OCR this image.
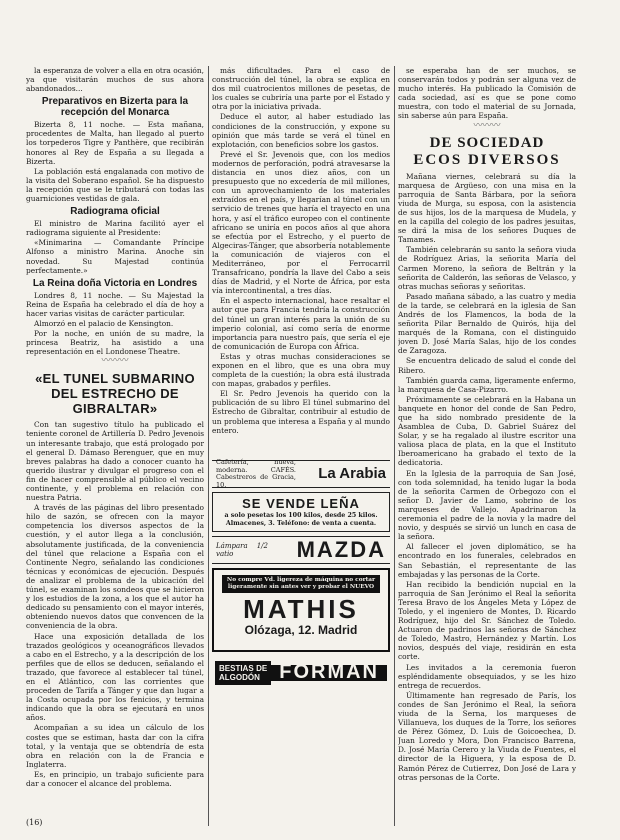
la esperanza de volver a ella en otra ocasión, ya que visitarán muchos de sus ahora abandonados...

Preparativos en Bizerta para la recepción del Monarca

Bizerta 8, 11 noche. — Esta mañana, procedentes de Malta, han llegado al puerto los torpederos Tigre y Panthère, que recibirán honores al Rey de España a su llegada a Bizerta.

La población está engalanada con motivo de la visita del Soberano español. Se ha dispuesto la recepción que se le tributará con todas las guarniciones vestidas de gala.

Radiograma oficial

El ministro de Marina facilitó ayer el radiograma siguiente al Presidente:

«Minimarina — Comandante Príncipe Alfonso a ministro Marina. Anoche sin novedad. Su Majestad continúa perfectamente.»

La Reina doña Victoria en Londres

Londres 8, 11 noche. — Su Majestad la Reina de España ha celebrado el día de hoy a hacer varias visitas de carácter particular.

Almorzó en el palacio de Kensington.

Por la noche, en unión de su madre, la princesa Beatriz, ha asistido a una representación en el Londonese Theatre.

〰〰〰
«EL TUNEL SUBMARINO DEL ESTRECHO DE GIBRALTAR»

Con tan sugestivo título ha publicado el teniente coronel de Artillería D. Pedro Jevenois un interesante trabajo, que está prologado por el general D. Dámaso Berenguer, que en muy breves palabras ha dado a conocer cuanto ha querido ilustrar y divulgar el progreso con el fin de hacer comprensible al público el vecino continente, y el problema en relación con nuestra Patria.

A través de las páginas del libro presentado hilo de sazón, se ofrecen con la mayor competencia los diversos aspectos de la cuestión, y el autor llega a la conclusión, absolutamente justificada, de la conveniencia del túnel que relacione a España con el Continente Negro, señalando las condiciones técnicas y económicas de ejecución. Después de analizar el problema de la ubicación del túnel, se examinan los sondeos que se hicieron y los estudios de la zona, a los que el autor ha dedicado su pensamiento con el mayor interés, obteniendo nuevos datos que convencen de la conveniencia de la obra.

Hace una exposición detallada de los trazados geológicos y oceanográficos llevados a cabo en el Estrecho, y a la descripción de los perfiles que de ellos se deducen, señalando el trazado, que favorece al establecer tal túnel, en el Atlántico, con las corrientes que proceden de Tarifa a Tánger y que dan lugar a la Costa ocupada por los fenicios, y termina indicando que la obra se ejecutará en unos años.

Acompañan a su idea un cálculo de los costes que se estiman, hasta dar con la cifra total, y la ventaja que se obtendría de esta obra en relación con la de Francia e Inglaterra.

Es, en principio, un trabajo suficiente para dar a conocer el alcance del problema.

más dificultades. Para el caso de construcción del túnel, la obra se explica en dos mil cuatrocientos millones de pesetas, de los cuales se cubriría una parte por el Estado y otra por la iniciativa privada.

Deduce el autor, al haber estudiado las condiciones de la construcción, y expone su opinión que más tarde se verá el túnel en explotación, con beneficios sobre los gastos.

Prevé el Sr. Jevenois que, con los medios modernos de perforación, podrá atravesarse la distancia en unos diez años, con un presupuesto que no excedería de mil millones, con un aprovechamiento de los materiales extraídos en el país, y llegarían al túnel con un servicio de trenes que haría el trayecto en una hora, y así el tráfico europeo con el continente africano se uniría en pocos años al que ahora se efectúa por el Estrecho, y el puerto de Algeciras-Tánger, que absorbería notablemente la comunicación de viajeros con el Mediterráneo, por el Ferrocarril Transafricano, pondría la llave del Cabo a seis días de Madrid, y el Norte de África, por esta vía intercontinental, a tres días.

En el aspecto internacional, hace resaltar el autor que para Francia tendría la construcción del túnel un gran interés para la unión de su imperio colonial, así como sería de enorme importancia para nuestro país, que sería el eje de comunicación de Europa con África.

Estas y otras muchas consideraciones se exponen en el libro, que es una obra muy completa de la cuestión; la obra está ilustrada con mapas, grabados y perfiles.

El Sr. Pedro Jevenois ha querido con la publicación de su libro El túnel submarino del Estrecho de Gibraltar, contribuir al estudio de un problema que interesa a España y al mundo entero.

Cafetería, nueva, moderna. CAFÉS. Cabestreros de Gracia, 10.
La Arabia
SE VENDE LEÑA
a solo pesetas los 100 kilos, desde 25 kilos. Almacenes, 3. Teléfono: de venta a cuenta.
Lámpara 1/2 vatio	MAZDA
No compre Vd. ligereza de máquina no cortar ligeramente sin antes ver y probar el NUEVO
MATHIS
Olózaga, 12. Madrid
BESTIAS DE ALGODÓN FORMAN

se esperaba han de ser muchos, se conservarán todos y podrán ser alguna vez de mucho interés. Ha publicado la Comisión de cada sociedad, así es que se pone como muestra, con todo el material de su Jornada, sin saberse aún para España.

〰〰〰
DE SOCIEDAD
ECOS DIVERSOS

Mañana viernes, celebrará su día la marquesa de Argüeso, con una misa en la parroquia de Santa Bárbara, por la señora viuda de Murga, su esposa, con la asistencia de sus hijos, los de la marquesa de Mudela, y en la capilla del colegio de los padres jesuitas, se dirá la misa de los señores Duques de Tamames.

También celebrarán su santo la señora viuda de Rodríguez Arias, la señorita María del Carmen Moreno, la señora de Beltrán y la señorita de Calderón, las señoras de Velasco, y otras muchas señoras y señoritas.

Pasado mañana sábado, a las cuatro y media de la tarde, se celebrará en la iglesia de San Andrés de los Flamencos, la boda de la señorita Pilar Bernaldo de Quirós, hija del marqués de la Romana, con el distinguido joven D. José María Salas, hijo de los condes de Zaragoza.

Se encuentra delicado de salud el conde del Ribero.

También guarda cama, ligeramente enfermo, la marquesa de Casa-Pizarro.

Próximamente se celebrará en la Habana un banquete en honor del conde de San Pedro, que ha sido nombrado presidente de la Asamblea de Cuba, D. Gabriel Suárez del Solar, y se ha regalado al ilustre escritor una valiosa placa de plata, en la que el Instituto Iberoamericano ha grabado el texto de la dedicatoria.

En la Iglesia de la parroquia de San José, con toda solemnidad, ha tenido lugar la boda de la señorita Carmen de Orbegozo con el señor D. Javier de Lamo, sobrino de los marqueses de Vallejo. Apadrinaron la ceremonia el padre de la novia y la madre del novio, y después se sirvió un lunch en casa de la señora.

Al fallecer el joven diplomático, se ha encontrado en los funerales, celebrados en San Sebastián, el representante de las embajadas y las personas de la Corte.

Han recibido la bendición nupcial en la parroquia de San Jerónimo el Real la señorita Teresa Bravo de los Ángeles Meta y López de Toledo, y el ingeniero de Montes, D. Ricardo Rodríguez, hijo del Sr. Sánchez de Toledo. Actuaron de padrinos las señoras de Sánchez de Toledo, Mastro, Hernández y Martín. Los novios, después del viaje, residirán en esta corte.

Les invitados a la ceremonia fueron espléndidamente obsequiados, y se les hizo entrega de recuerdos.

Últimamente han regresado de París, los condes de San Jerónimo el Real, la señora viuda de la Serna, los marqueses de Villanueva, los duques de la Torre, los señores de Pérez Gómez, D. Luis de Goicoechea, D. Juan Loredo y Mora, Don Francisco Barrena, D. José María Cerero y la Viuda de Fuentes, el director de la Higuera, y la esposa de D. Ramón Pérez de Cutierrez, Don José de Lara y otras personas de la Corte.

(16)
